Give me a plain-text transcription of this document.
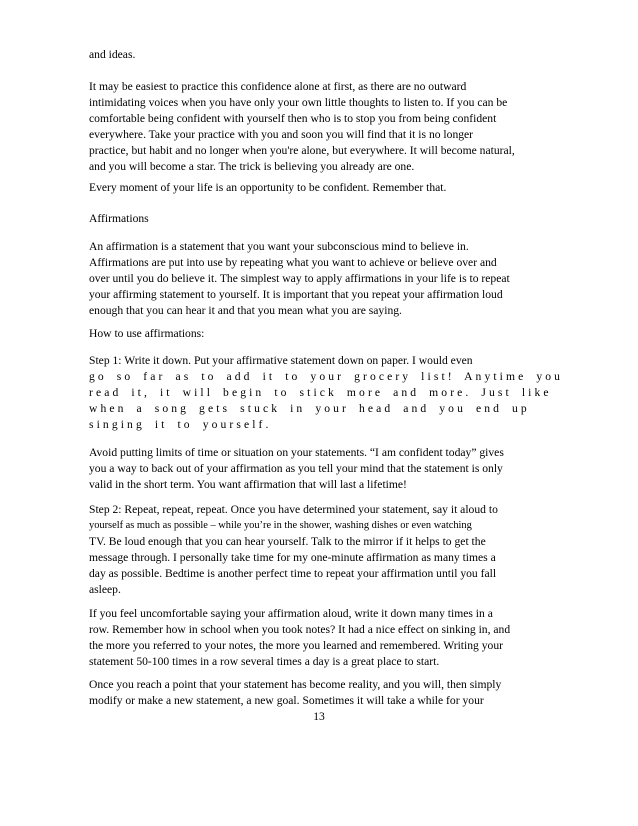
and ideas.
It may be easiest to practice this confidence alone at first, as there are no outward
intimidating voices when you have only your own little thoughts to listen to. If you can be
comfortable being confident with yourself then who is to stop you from being confident
everywhere. Take your practice with you and soon you will find that it is no longer
practice, but habit and no longer when you're alone, but everywhere. It will become natural,
and you will become a star. The trick is believing you already are one.
Every moment of your life is an opportunity to be confident. Remember that.
Affirmations
An affirmation is a statement that you want your subconscious mind to believe in.
Affirmations are put into use by repeating what you want to achieve or believe over and
over until you do believe it. The simplest way to apply affirmations in your life is to repeat
your affirming statement to yourself. It is important that you repeat your affirmation loud
enough that you can hear it and that you mean what you are saying.
How to use affirmations:
Step 1: Write it down. Put your affirmative statement down on paper. I would even
go so far as to add it to your grocery list! Anytime you
read it, it will begin to stick more and more. Just like
when a song gets stuck in your head and you end up
singing it to yourself.
Avoid putting limits of time or situation on your statements. “I am confident today” gives
you a way to back out of your affirmation as you tell your mind that the statement is only
valid in the short term. You want affirmation that will last a lifetime!
Step 2: Repeat, repeat, repeat. Once you have determined your statement, say it aloud to
yourself as much as possible – while you’re in the shower, washing dishes or even watching
TV. Be loud enough that you can hear yourself. Talk to the mirror if it helps to get the
message through. I personally take time for my one-minute affirmation as many times a
day as possible. Bedtime is another perfect time to repeat your affirmation until you fall
asleep.
If you feel uncomfortable saying your affirmation aloud, write it down many times in a
row. Remember how in school when you took notes? It had a nice effect on sinking in, and
the more you referred to your notes, the more you learned and remembered. Writing your
statement 50-100 times in a row several times a day is a great place to start.
Once you reach a point that your statement has become reality, and you will, then simply
modify or make a new statement, a new goal. Sometimes it will take a while for your
13
